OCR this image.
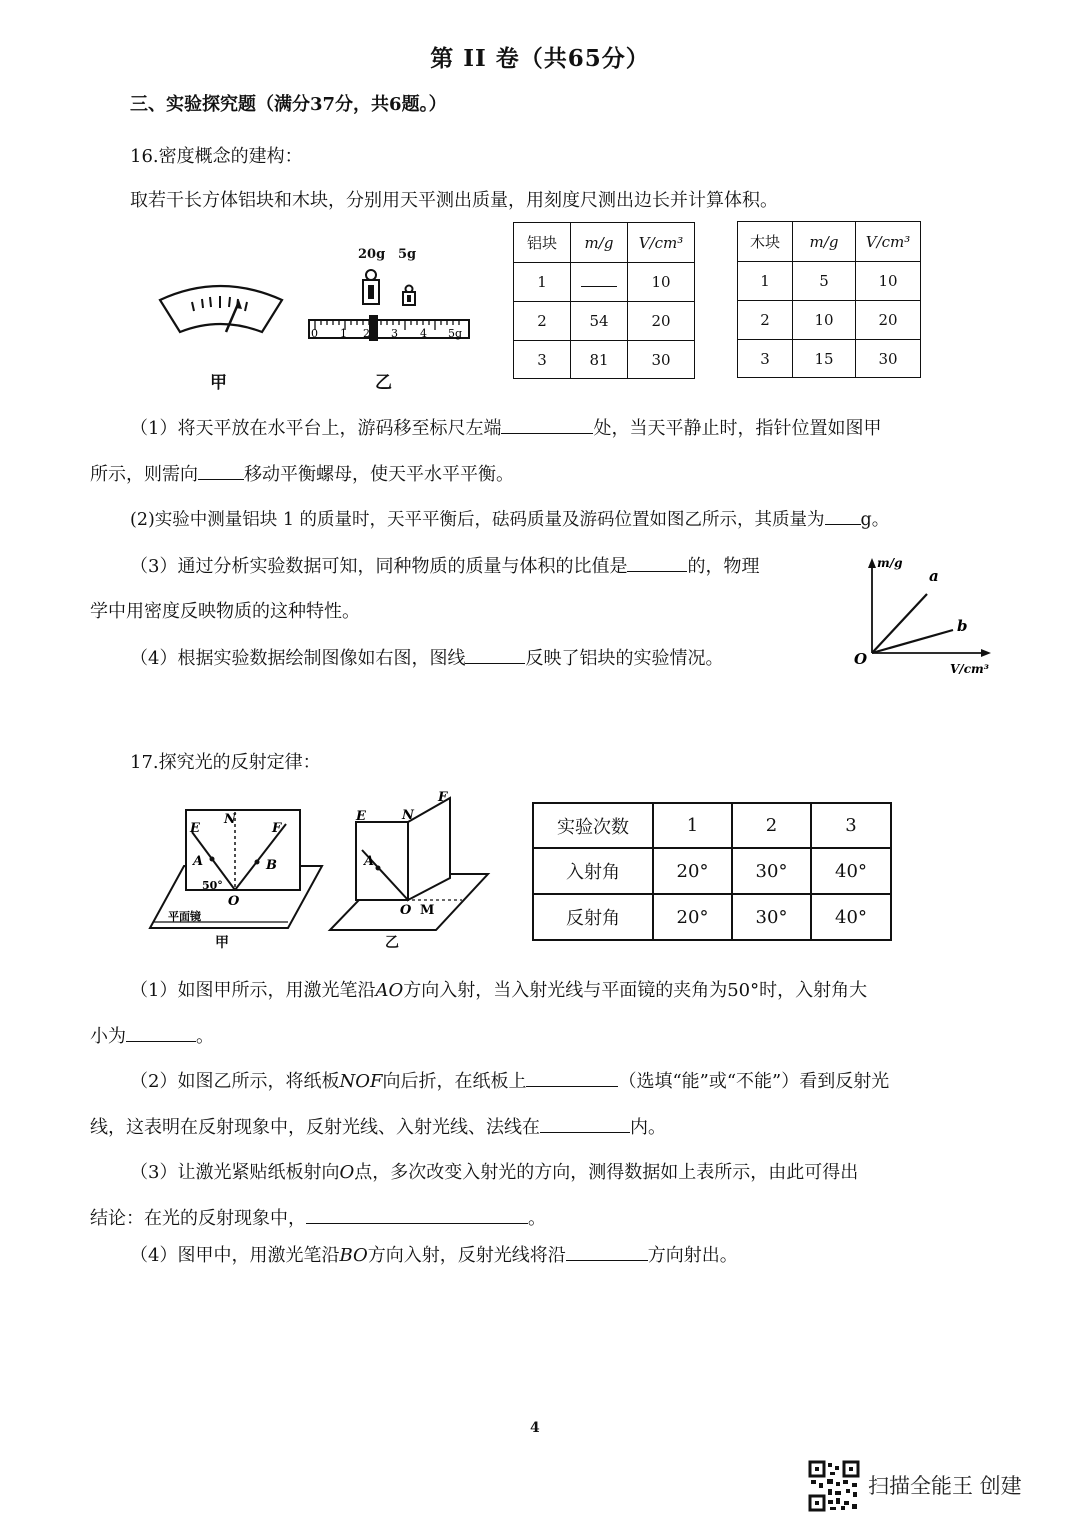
第 II 卷（共65分）
三、实验探究题（满分37分，共6题。）
16.密度概念的建构：
取若干长方体铝块和木块，分别用天平测出质量，用刻度尺测出边长并计算体积。
甲
20g 5g
0 1 2 3 4 5g
乙
铝块	m/g	V/cm³
1		10
2	54	20
3	81	30
木块	m/g	V/cm³
1	5	10
2	10	20
3	15	30
（1）将天平放在水平台上，游码移至标尺左端	处，当天平静止时，指针位置如图甲
所示，则需向	移动平衡螺母，使天平水平平衡。
(2)实验中测量铝块 1 的质量时，天平平衡后，砝码质量及游码位置如图乙所示，其质量为 g。
（3）通过分析实验数据可知，同种物质的质量与体积的比值是	的，物理
学中用密度反映物质的这种特性。
（4）根据实验数据绘制图像如右图，图线	反映了铝块的实验情况。
m/g
V/cm³
O
a
b
17.探究光的反射定律：
E
N
F
A	B
O
50°
平面镜
甲
E	N
F
A
O M
乙
实验次数	1	2	3
入射角	20°	30°	40°
反射角	20°	30°	40°
（1）如图甲所示，用激光笔沿AO方向入射，当入射光线与平面镜的夹角为50°时，入射角大
小为	。
（2）如图乙所示，将纸板NOF向后折，在纸板上	（选填“能”或“不能”）看到反射光
线，这表明在反射现象中，反射光线、入射光线、法线在	内。
（3）让激光紧贴纸板射向O点，多次改变入射光的方向，测得数据如上表所示，由此可得出
结论：在光的反射现象中，	。
（4）图甲中，用激光笔沿BO方向入射，反射光线将沿	方向射出。
4
扫描全能王 创建
